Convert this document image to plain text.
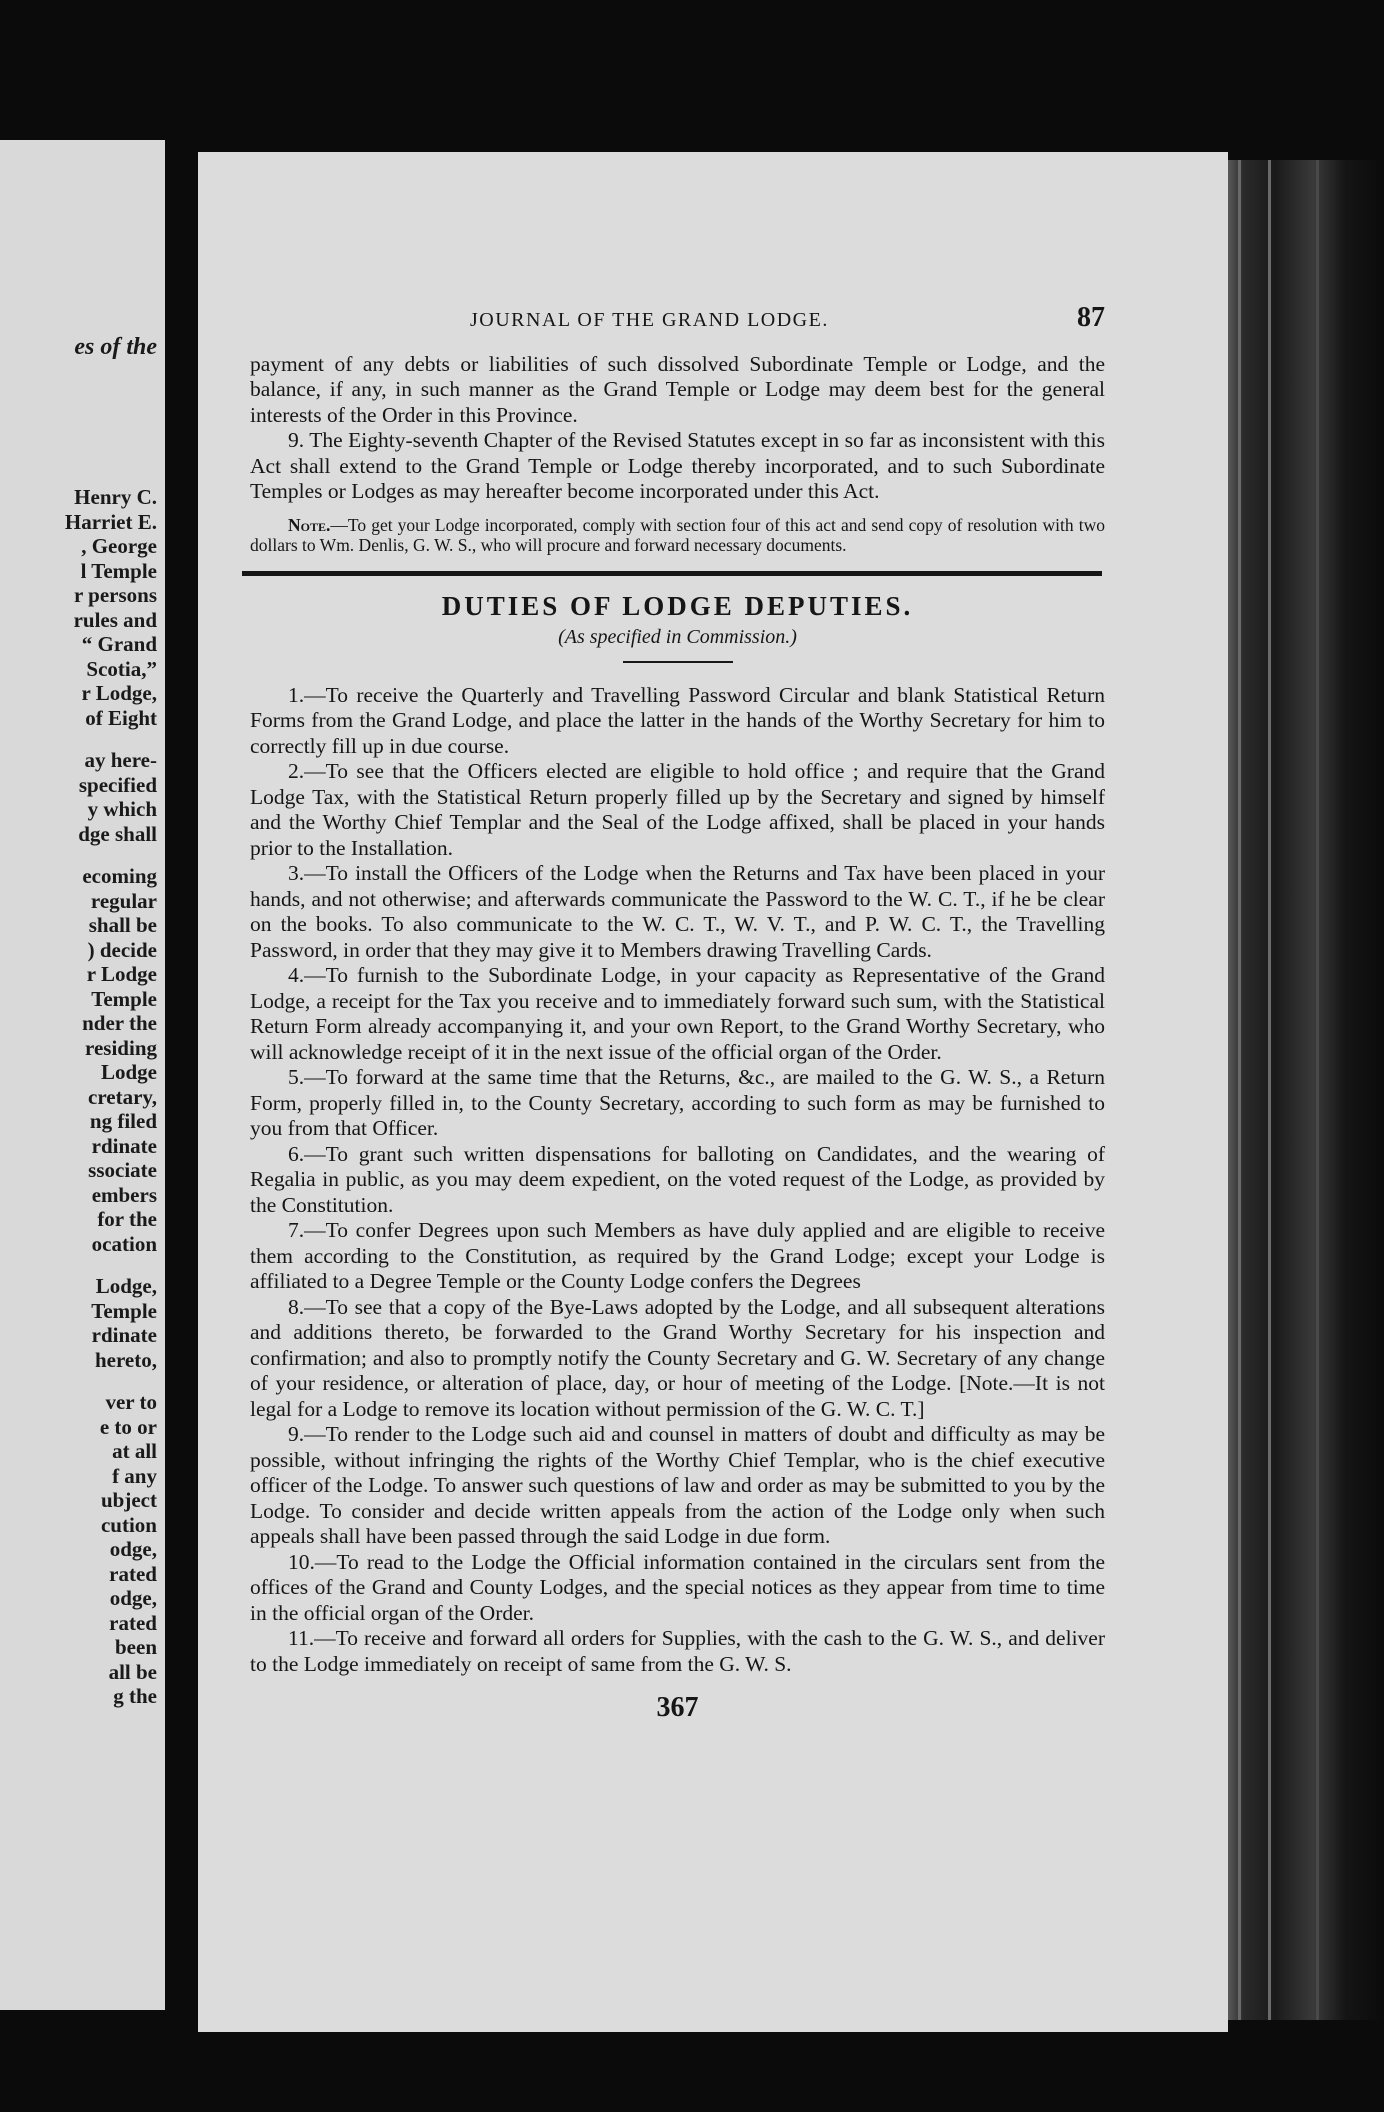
es of the
Henry C.
Harriet E.
, George
l Temple
r persons
rules and
“ Grand
Scotia,”
r Lodge,
of Eight
ay here-
specified
y which
dge shall
ecoming
regular
shall be
) decide
r Lodge
Temple
nder the
residing
Lodge
cretary,
ng filed
rdinate
ssociate
embers
for the
ocation
Lodge,
Temple
rdinate
hereto,
ver to
e to or
at all
f any
ubject
cution
odge,
rated
odge,
rated
been
all be
g the
JOURNAL OF THE GRAND LODGE.	87

payment of any debts or liabilities of such dissolved Subordinate Temple or Lodge, and the balance, if any, in such manner as the Grand Temple or Lodge may deem best for the general interests of the Order in this Province.

9. The Eighty-seventh Chapter of the Revised Statutes except in so far as inconsistent with this Act shall extend to the Grand Temple or Lodge thereby incorporated, and to such Subordinate Temples or Lodges as may hereafter become incorporated under this Act.

Note.—To get your Lodge incorporated, comply with section four of this act and send copy of resolution with two dollars to Wm. Denlis, G. W. S., who will procure and forward necessary documents.

DUTIES OF LODGE DEPUTIES.
(As specified in Commission.)

1.—To receive the Quarterly and Travelling Password Circular and blank Statistical Return Forms from the Grand Lodge, and place the latter in the hands of the Worthy Secretary for him to correctly fill up in due course.

2.—To see that the Officers elected are eligible to hold office ; and require that the Grand Lodge Tax, with the Statistical Return properly filled up by the Secretary and signed by himself and the Worthy Chief Templar and the Seal of the Lodge affixed, shall be placed in your hands prior to the Installation.

3.—To install the Officers of the Lodge when the Returns and Tax have been placed in your hands, and not otherwise; and afterwards communicate the Password to the W. C. T., if he be clear on the books. To also communicate to the W. C. T., W. V. T., and P. W. C. T., the Travelling Password, in order that they may give it to Members drawing Travelling Cards.

4.—To furnish to the Subordinate Lodge, in your capacity as Representative of the Grand Lodge, a receipt for the Tax you receive and to immediately forward such sum, with the Statistical Return Form already accompanying it, and your own Report, to the Grand Worthy Secretary, who will acknowledge receipt of it in the next issue of the official organ of the Order.

5.—To forward at the same time that the Returns, &c., are mailed to the G. W. S., a Return Form, properly filled in, to the County Secretary, according to such form as may be furnished to you from that Officer.

6.—To grant such written dispensations for balloting on Candidates, and the wearing of Regalia in public, as you may deem expedient, on the voted request of the Lodge, as provided by the Constitution.

7.—To confer Degrees upon such Members as have duly applied and are eligible to receive them according to the Constitution, as required by the Grand Lodge; except your Lodge is affiliated to a Degree Temple or the County Lodge confers the Degrees

8.—To see that a copy of the Bye-Laws adopted by the Lodge, and all subsequent alterations and additions thereto, be forwarded to the Grand Worthy Secretary for his inspection and confirmation; and also to promptly notify the County Secretary and G. W. Secretary of any change of your residence, or alteration of place, day, or hour of meeting of the Lodge. [Note.—It is not legal for a Lodge to remove its location without permission of the G. W. C. T.]

9.—To render to the Lodge such aid and counsel in matters of doubt and difficulty as may be possible, without infringing the rights of the Worthy Chief Templar, who is the chief executive officer of the Lodge. To answer such questions of law and order as may be submitted to you by the Lodge. To consider and decide written appeals from the action of the Lodge only when such appeals shall have been passed through the said Lodge in due form.

10.—To read to the Lodge the Official information contained in the circulars sent from the offices of the Grand and County Lodges, and the special notices as they appear from time to time in the official organ of the Order.

11.—To receive and forward all orders for Supplies, with the cash to the G. W. S., and deliver to the Lodge immediately on receipt of same from the G. W. S.

367
